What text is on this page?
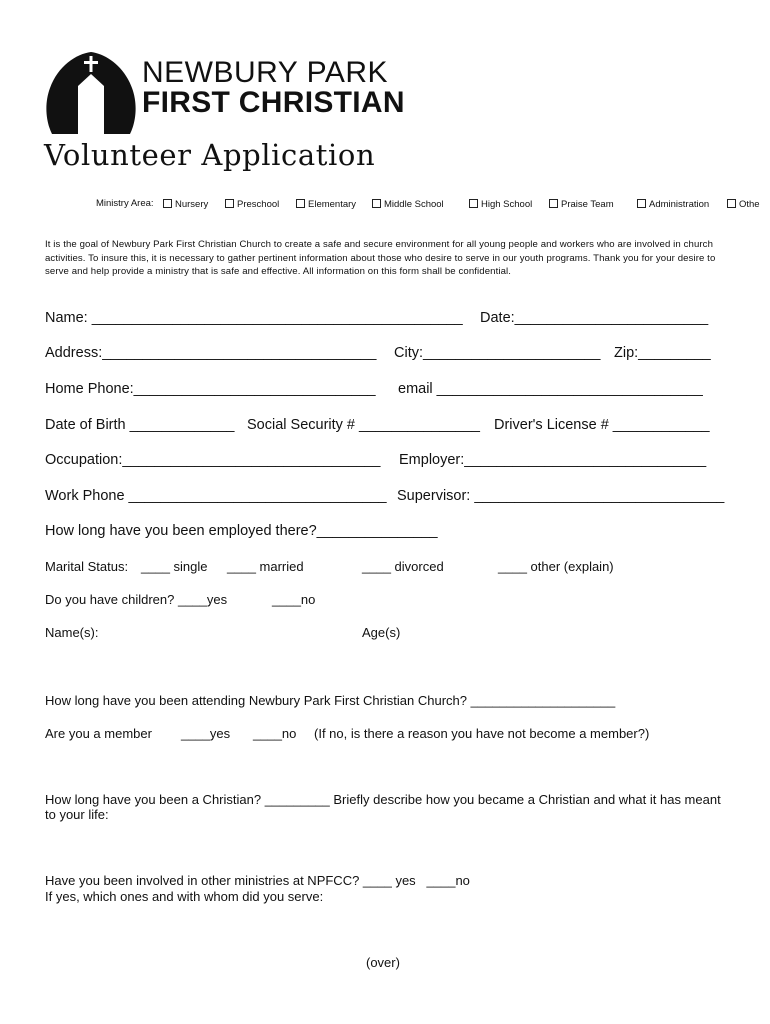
NEWBURY PARK
FIRST CHRISTIAN
Volunteer Application
Ministry Area:	Nursery	Preschool	Elementary	Middle School	High School	Praise Team	Administration	Othe
It is the goal of Newbury Park First Christian Church to create a safe and secure environment for all young people and workers who are involved in church activities. To insure this, it is necessary to gather pertinent information about those who desire to serve in our youth programs. Thank you for your desire to serve and help provide a ministry that is safe and effective. All information on this form shall be confidential.
Name: ______________________________________________ Date:________________________
Address:__________________________________ City:______________________ Zip:_________
Home Phone:______________________________ email _________________________________
Date of Birth _____________ Social Security # _______________ Driver's License # ____________
Occupation:________________________________ Employer:______________________________
Work Phone ________________________________ Supervisor: _______________________________
How long have you been employed there?_______________
Marital Status: ____ single ____ married	____ divorced	____ other (explain)
Do you have children? ____yes	____no
Name(s):	Age(s)
How long have you been attending Newbury Park First Christian Church? ____________________
Are you a member ____yes ____no (If no, is there a reason you have not become a member?)
How long have you been a Christian? _________ Briefly describe how you became a Christian and what it has meant to your life:
Have you been involved in other ministries at NPFCC? ____ yes   ____no
If yes, which ones and with whom did you serve:
(over)
